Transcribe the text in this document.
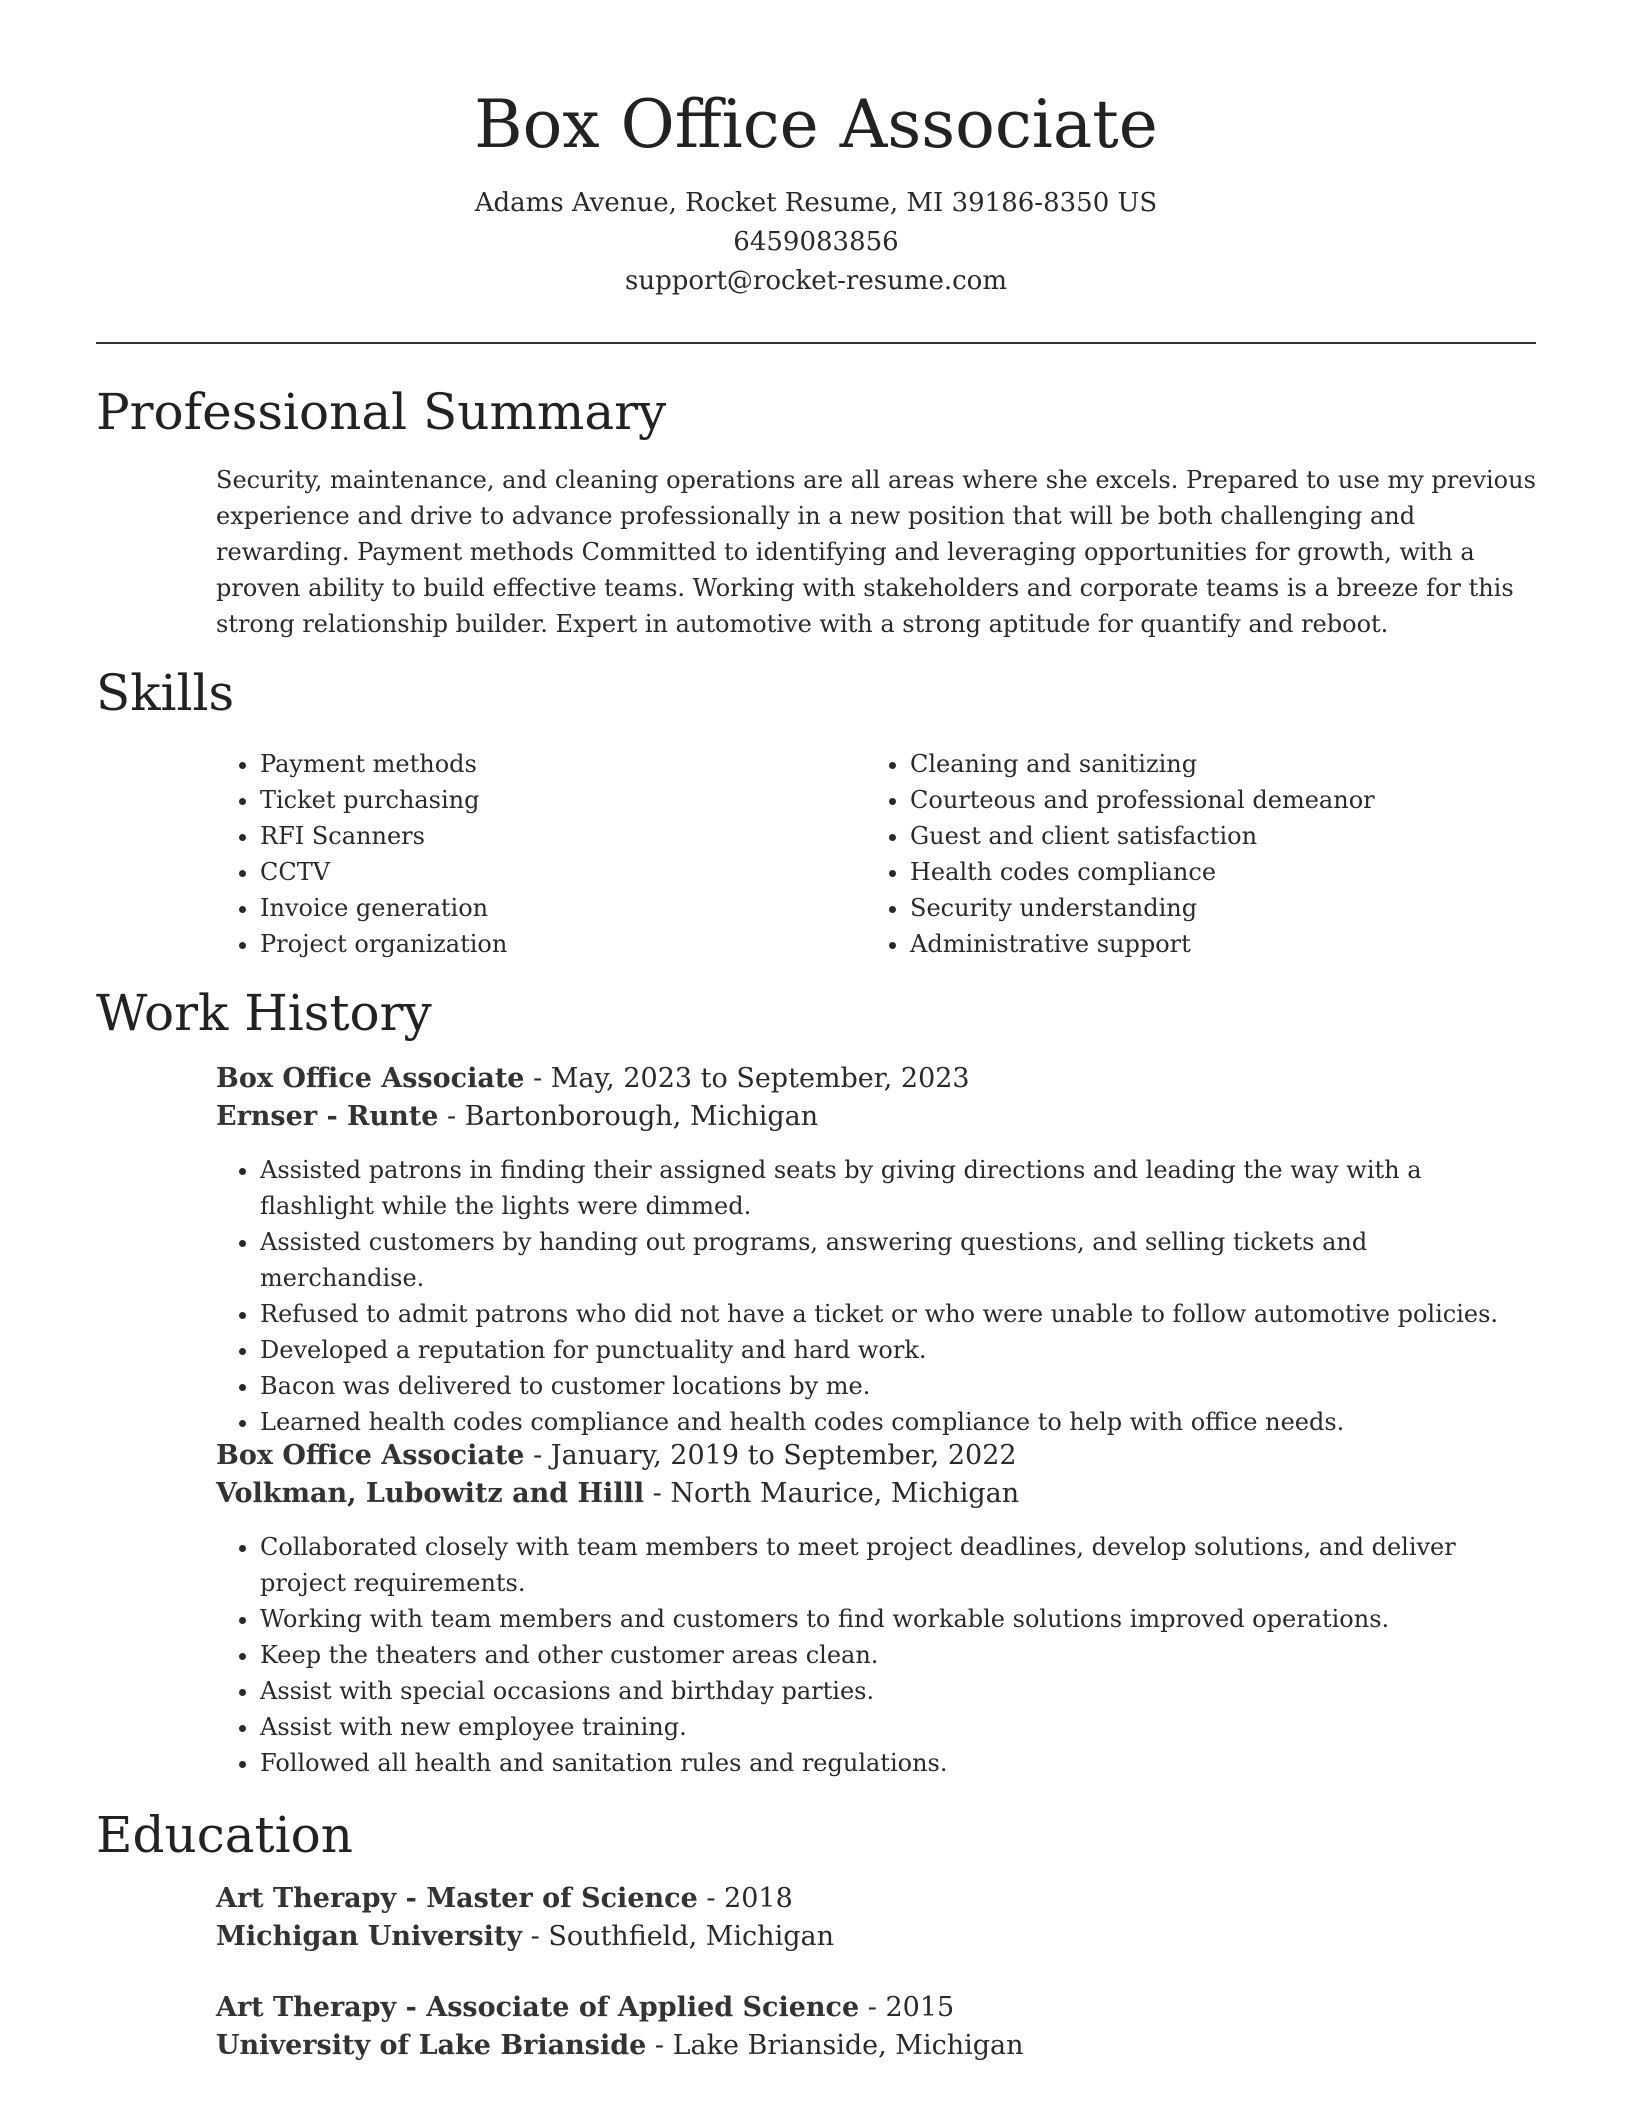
Box Office Associate
Adams Avenue, Rocket Resume, MI 39186-8350 US
6459083856
support@rocket-resume.com
Professional Summary
Security, maintenance, and cleaning operations are all areas where she excels. Prepared to use my previous experience and drive to advance professionally in a new position that will be both challenging and rewarding. Payment methods Committed to identifying and leveraging opportunities for growth, with a proven ability to build effective teams. Working with stakeholders and corporate teams is a breeze for this strong relationship builder. Expert in automotive with a strong aptitude for quantify and reboot.
Skills
• Payment methods
• Ticket purchasing
• RFI Scanners
• CCTV
• Invoice generation
• Project organization
• Cleaning and sanitizing
• Courteous and professional demeanor
• Guest and client satisfaction
• Health codes compliance
• Security understanding
• Administrative support
Work History
Box Office Associate - May, 2023 to September, 2023
Ernser - Runte - Bartonborough, Michigan
• Assisted patrons in finding their assigned seats by giving directions and leading the way with a flashlight while the lights were dimmed.
• Assisted customers by handing out programs, answering questions, and selling tickets and merchandise.
• Refused to admit patrons who did not have a ticket or who were unable to follow automotive policies.
• Developed a reputation for punctuality and hard work.
• Bacon was delivered to customer locations by me.
• Learned health codes compliance and health codes compliance to help with office needs.
Box Office Associate - January, 2019 to September, 2022
Volkman, Lubowitz and Hilll - North Maurice, Michigan
• Collaborated closely with team members to meet project deadlines, develop solutions, and deliver project requirements.
• Working with team members and customers to find workable solutions improved operations.
• Keep the theaters and other customer areas clean.
• Assist with special occasions and birthday parties.
• Assist with new employee training.
• Followed all health and sanitation rules and regulations.
Education
Art Therapy - Master of Science - 2018
Michigan University - Southfield, Michigan
Art Therapy - Associate of Applied Science - 2015
University of Lake Brianside - Lake Brianside, Michigan
